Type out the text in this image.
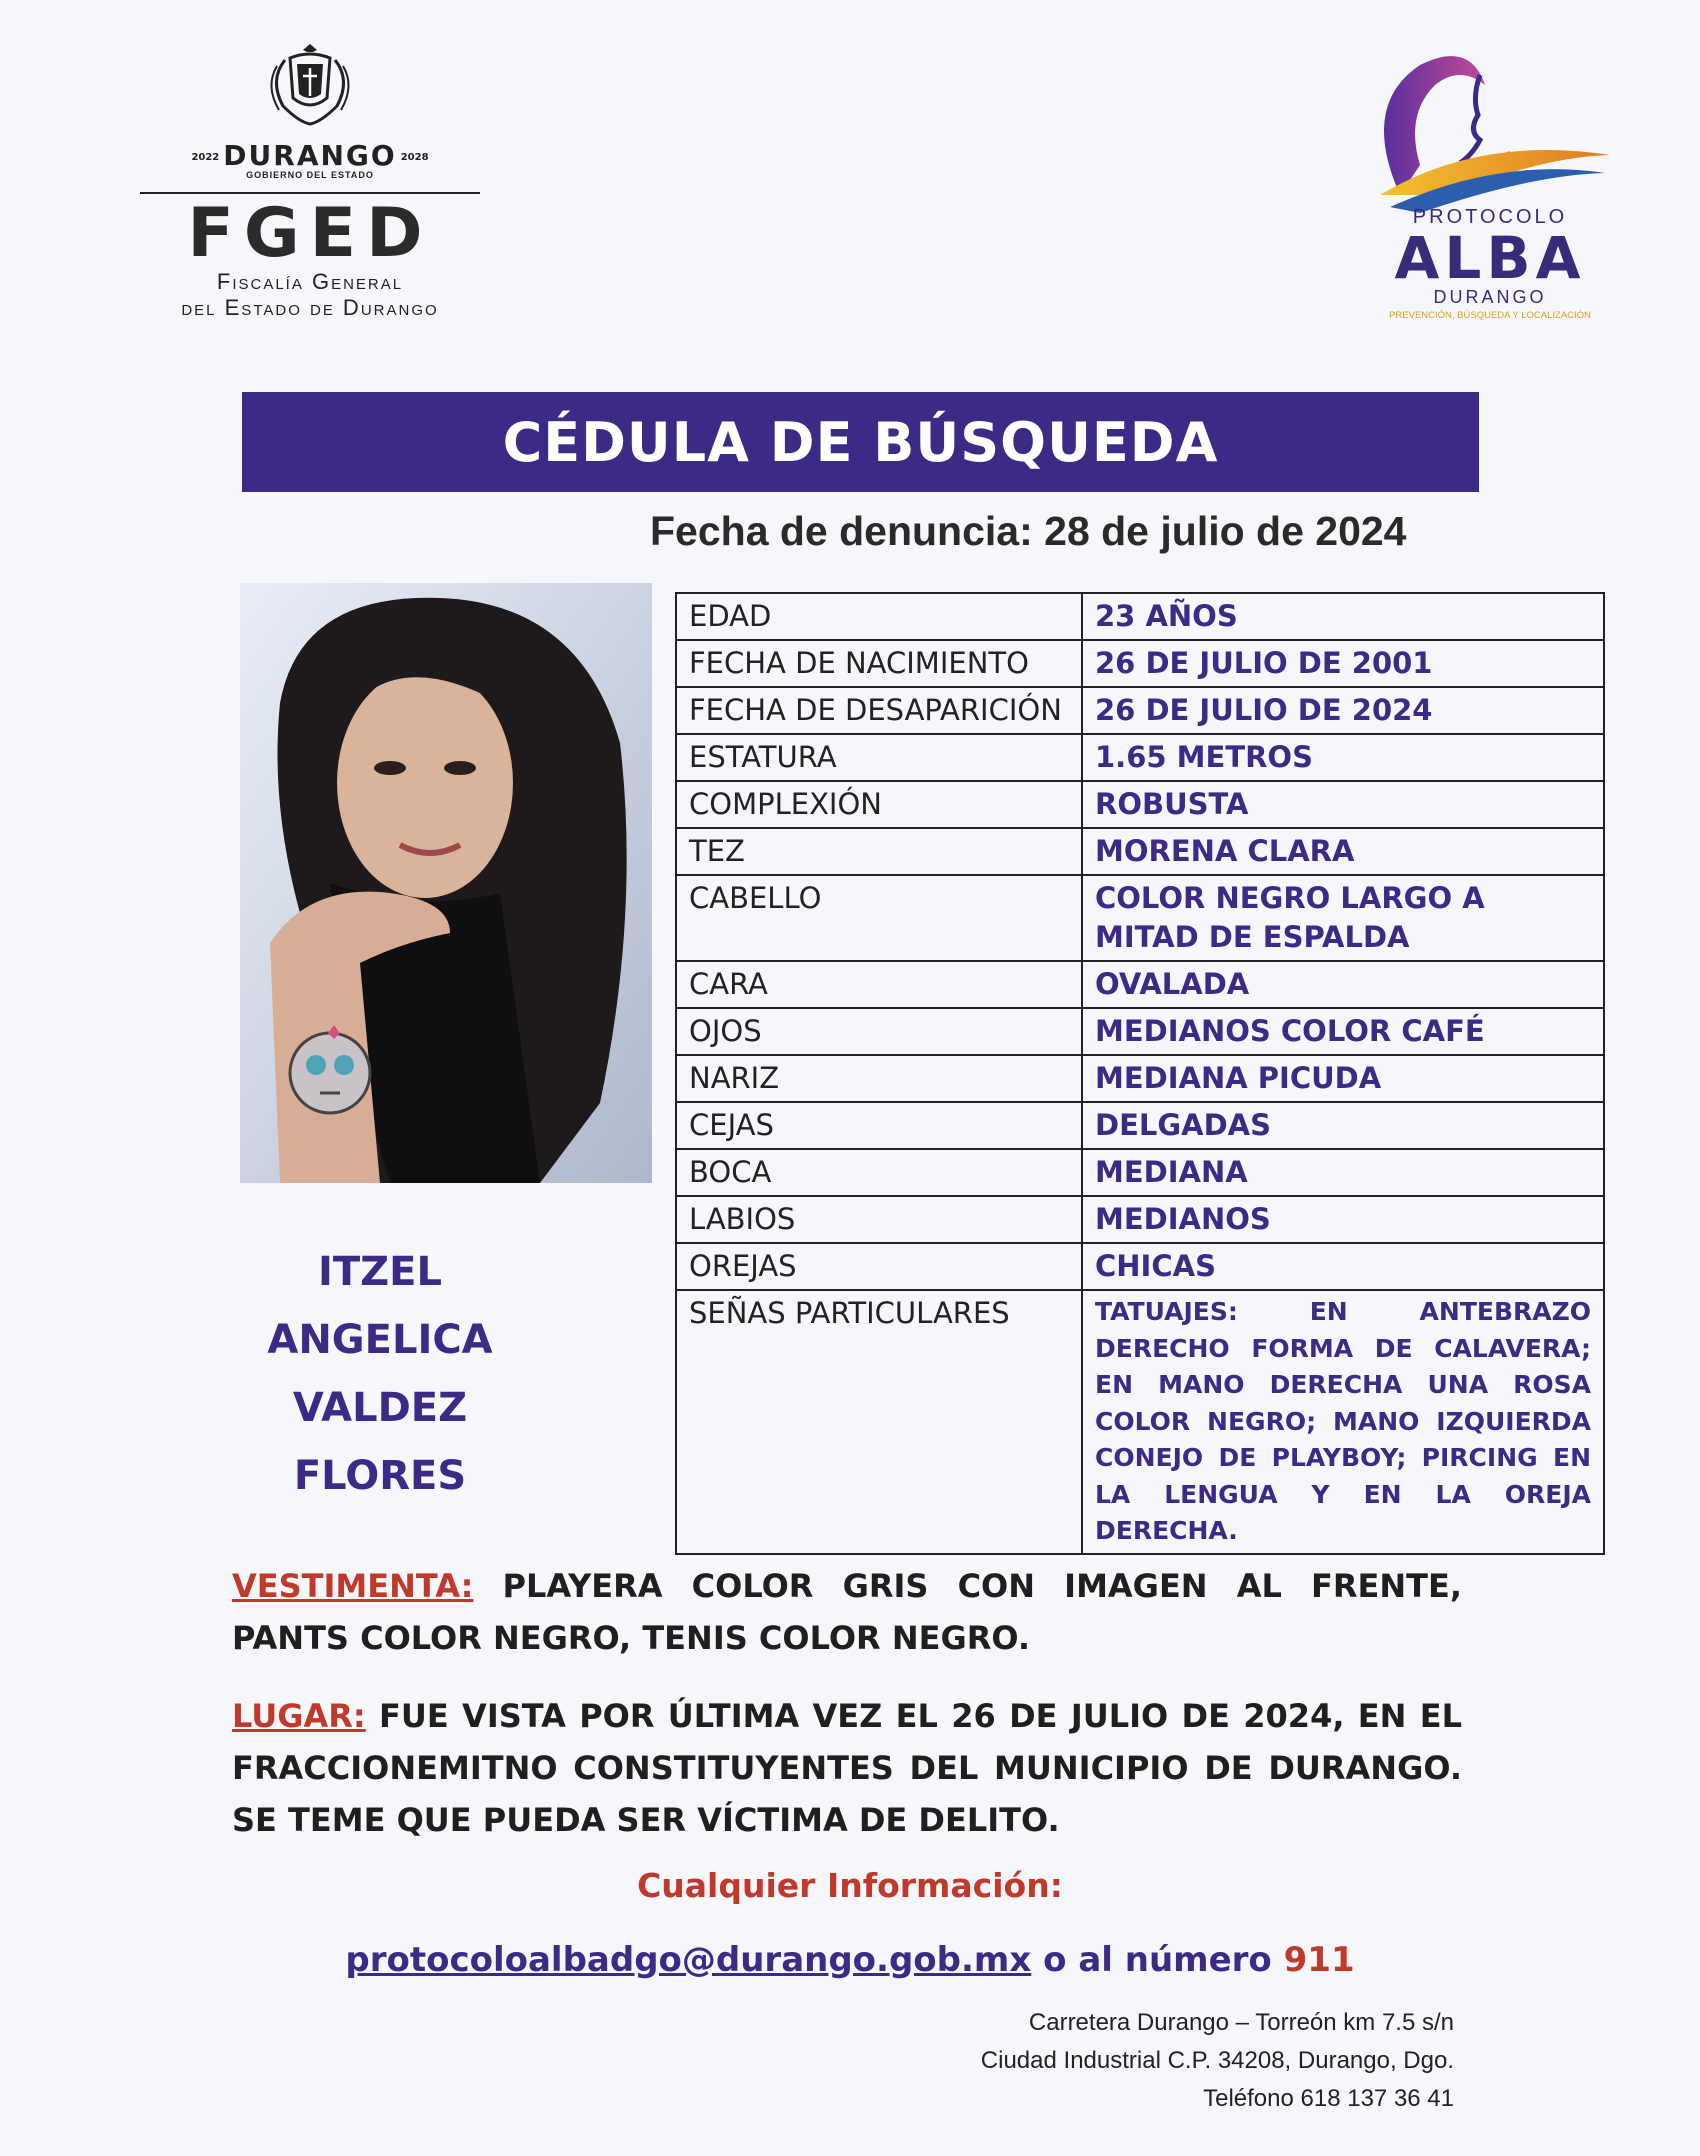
2022 DURANGO 2028
GOBIERNO DEL ESTADO
FGED
Fiscalía General
del Estado de Durango
PROTOCOLO
ALBA
DURANGO
PREVENCIÓN, BÚSQUEDA Y LOCALIZACIÓN
CÉDULA DE BÚSQUEDA
Fecha de denuncia: 28 de julio de 2024
ITZEL ANGELICA
VALDEZ FLORES
EDAD	23 AÑOS
FECHA DE NACIMIENTO	26 DE JULIO DE 2001
FECHA DE DESAPARICIÓN	26 DE JULIO DE 2024
ESTATURA	1.65 METROS
COMPLEXIÓN	ROBUSTA
TEZ	MORENA CLARA
CABELLO	COLOR NEGRO LARGO A MITAD DE ESPALDA
CARA	OVALADA
OJOS	MEDIANOS COLOR CAFÉ
NARIZ	MEDIANA PICUDA
CEJAS	DELGADAS
BOCA	MEDIANA
LABIOS	MEDIANOS
OREJAS	CHICAS
SEÑAS PARTICULARES	TATUAJES: EN ANTEBRAZO DERECHO FORMA DE CALAVERA; EN MANO DERECHA UNA ROSA COLOR NEGRO; MANO IZQUIERDA CONEJO DE PLAYBOY; PIRCING EN LA LENGUA Y EN LA OREJA DERECHA.
VESTIMENTA: PLAYERA COLOR GRIS CON IMAGEN AL FRENTE, PANTS COLOR NEGRO, TENIS COLOR NEGRO.
LUGAR: FUE VISTA POR ÚLTIMA VEZ EL 26 DE JULIO DE 2024, EN EL FRACCIONEMITNO CONSTITUYENTES DEL MUNICIPIO DE DURANGO. SE TEME QUE PUEDA SER VÍCTIMA DE DELITO.
Cualquier Información:
protocoloalbadgo@durango.gob.mx o al número 911
Carretera Durango – Torreón km 7.5 s/n
Ciudad Industrial C.P. 34208, Durango, Dgo.
Teléfono 618 137 36 41
